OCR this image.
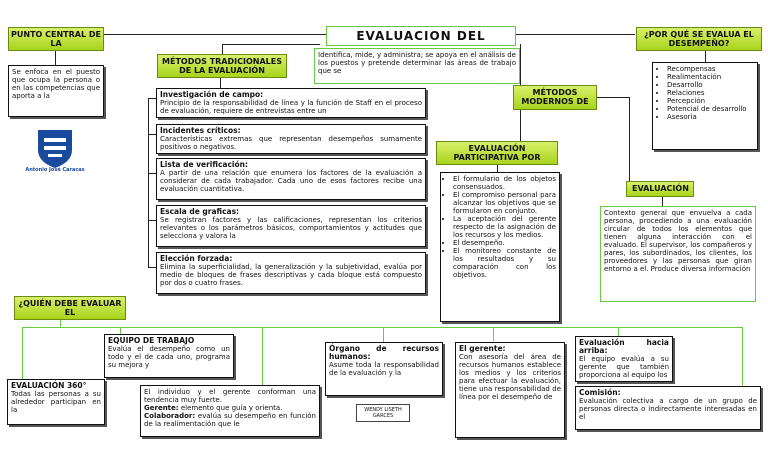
EVALUACION DEL
PUNTO CENTRAL DE LA
Se enfoca en el puesto que ocupa la persona o en las competencias que aporta a la
Antonio José Caracas
Identifica, mide, y administra; se apoya en el análisis de los puestos y pretende determinar las áreas de trabajo que se
MÉTODOS TRADICIONALES DE LA EVALUACIÓN
Investigación de campo:
Principio de la responsabilidad de línea y la función de Staff en el proceso de evaluación, requiere de entrevistas entre un
Incidentes críticos:
Características extremas que representan desempeños sumamente positivos o negativos.
Lista de verificación:
A partir de una relación que enumera los factores de la evaluación a considerar de cada trabajador. Cada uno de esos factores recibe una evaluación cuantitativa.
Escala de graficas:
Se registran factores y las calificaciones, representan los criterios relevantes o los parámetros básicos, comportamientos y actitudes que selecciona y valora la
Elección forzada:
Elimina la superficialidad, la generalización y la subjetividad, evalúa por medio de bloques de frases descriptivas y cada bloque está compuesto por dos o cuatro frases.
MÉTODOS MODERNOS DE
EVALUACIÓN PARTICIPATIVA POR
• El formulario de los objetos consensuados.
• El compromiso personal para alcanzar los objetivos que se formularon en conjunto.
• La aceptación del gerente respecto de la asignación de los recursos y los medios.
• El desempeño.
• El monitoreo constante de los resultados y su comparación con los objetivos.
EVALUACIÓN
Contexto general que envuelva a cada persona, procediendo a una evaluación circular de todos los elementos que tienen alguna interacción con el evaluado. El supervisor, los compañeros y pares, los subordinados, los clientes, los proveedores y las personas que giran entorno a el. Produce diversa información
¿POR QUÉ SE EVALUA EL DESEMPEÑO?
• Recompensas
• Realimentación
• Desarrollo
• Relaciones
• Percepción
• Potencial de desarrollo
• Asesoria
¿QUIÉN DEBE EVALUAR EL
EVALUACIÓN 360°
Todas las personas a su alrededor participan en la
EQUIPO DE TRABAJO
Evalúa el desempeño como un todo y el de cada uno, programa su mejora y
El individuo y el gerente conforman una tendencia muy fuerte.
Gerente: elemento que guía y orienta.
Colaborador: evalúa su desempeño en función de la realimentación que le
Órgano de recursos humanos:
Asume toda la responsabilidad de la evaluación y la
WENDY LISETH
GARCES
El gerente:
Con asesoría del área de recursos humanos establece los medios y los criterios para efectuar la evaluación, tiene una responsabilidad de línea por el desempeño de
Evaluación hacia arriba:
El equipo evalúa a su gerente que también proporciona al equipo los
Comisión:
Evaluación colectiva a cargo de un grupo de personas directa o indirectamente interesadas en el
